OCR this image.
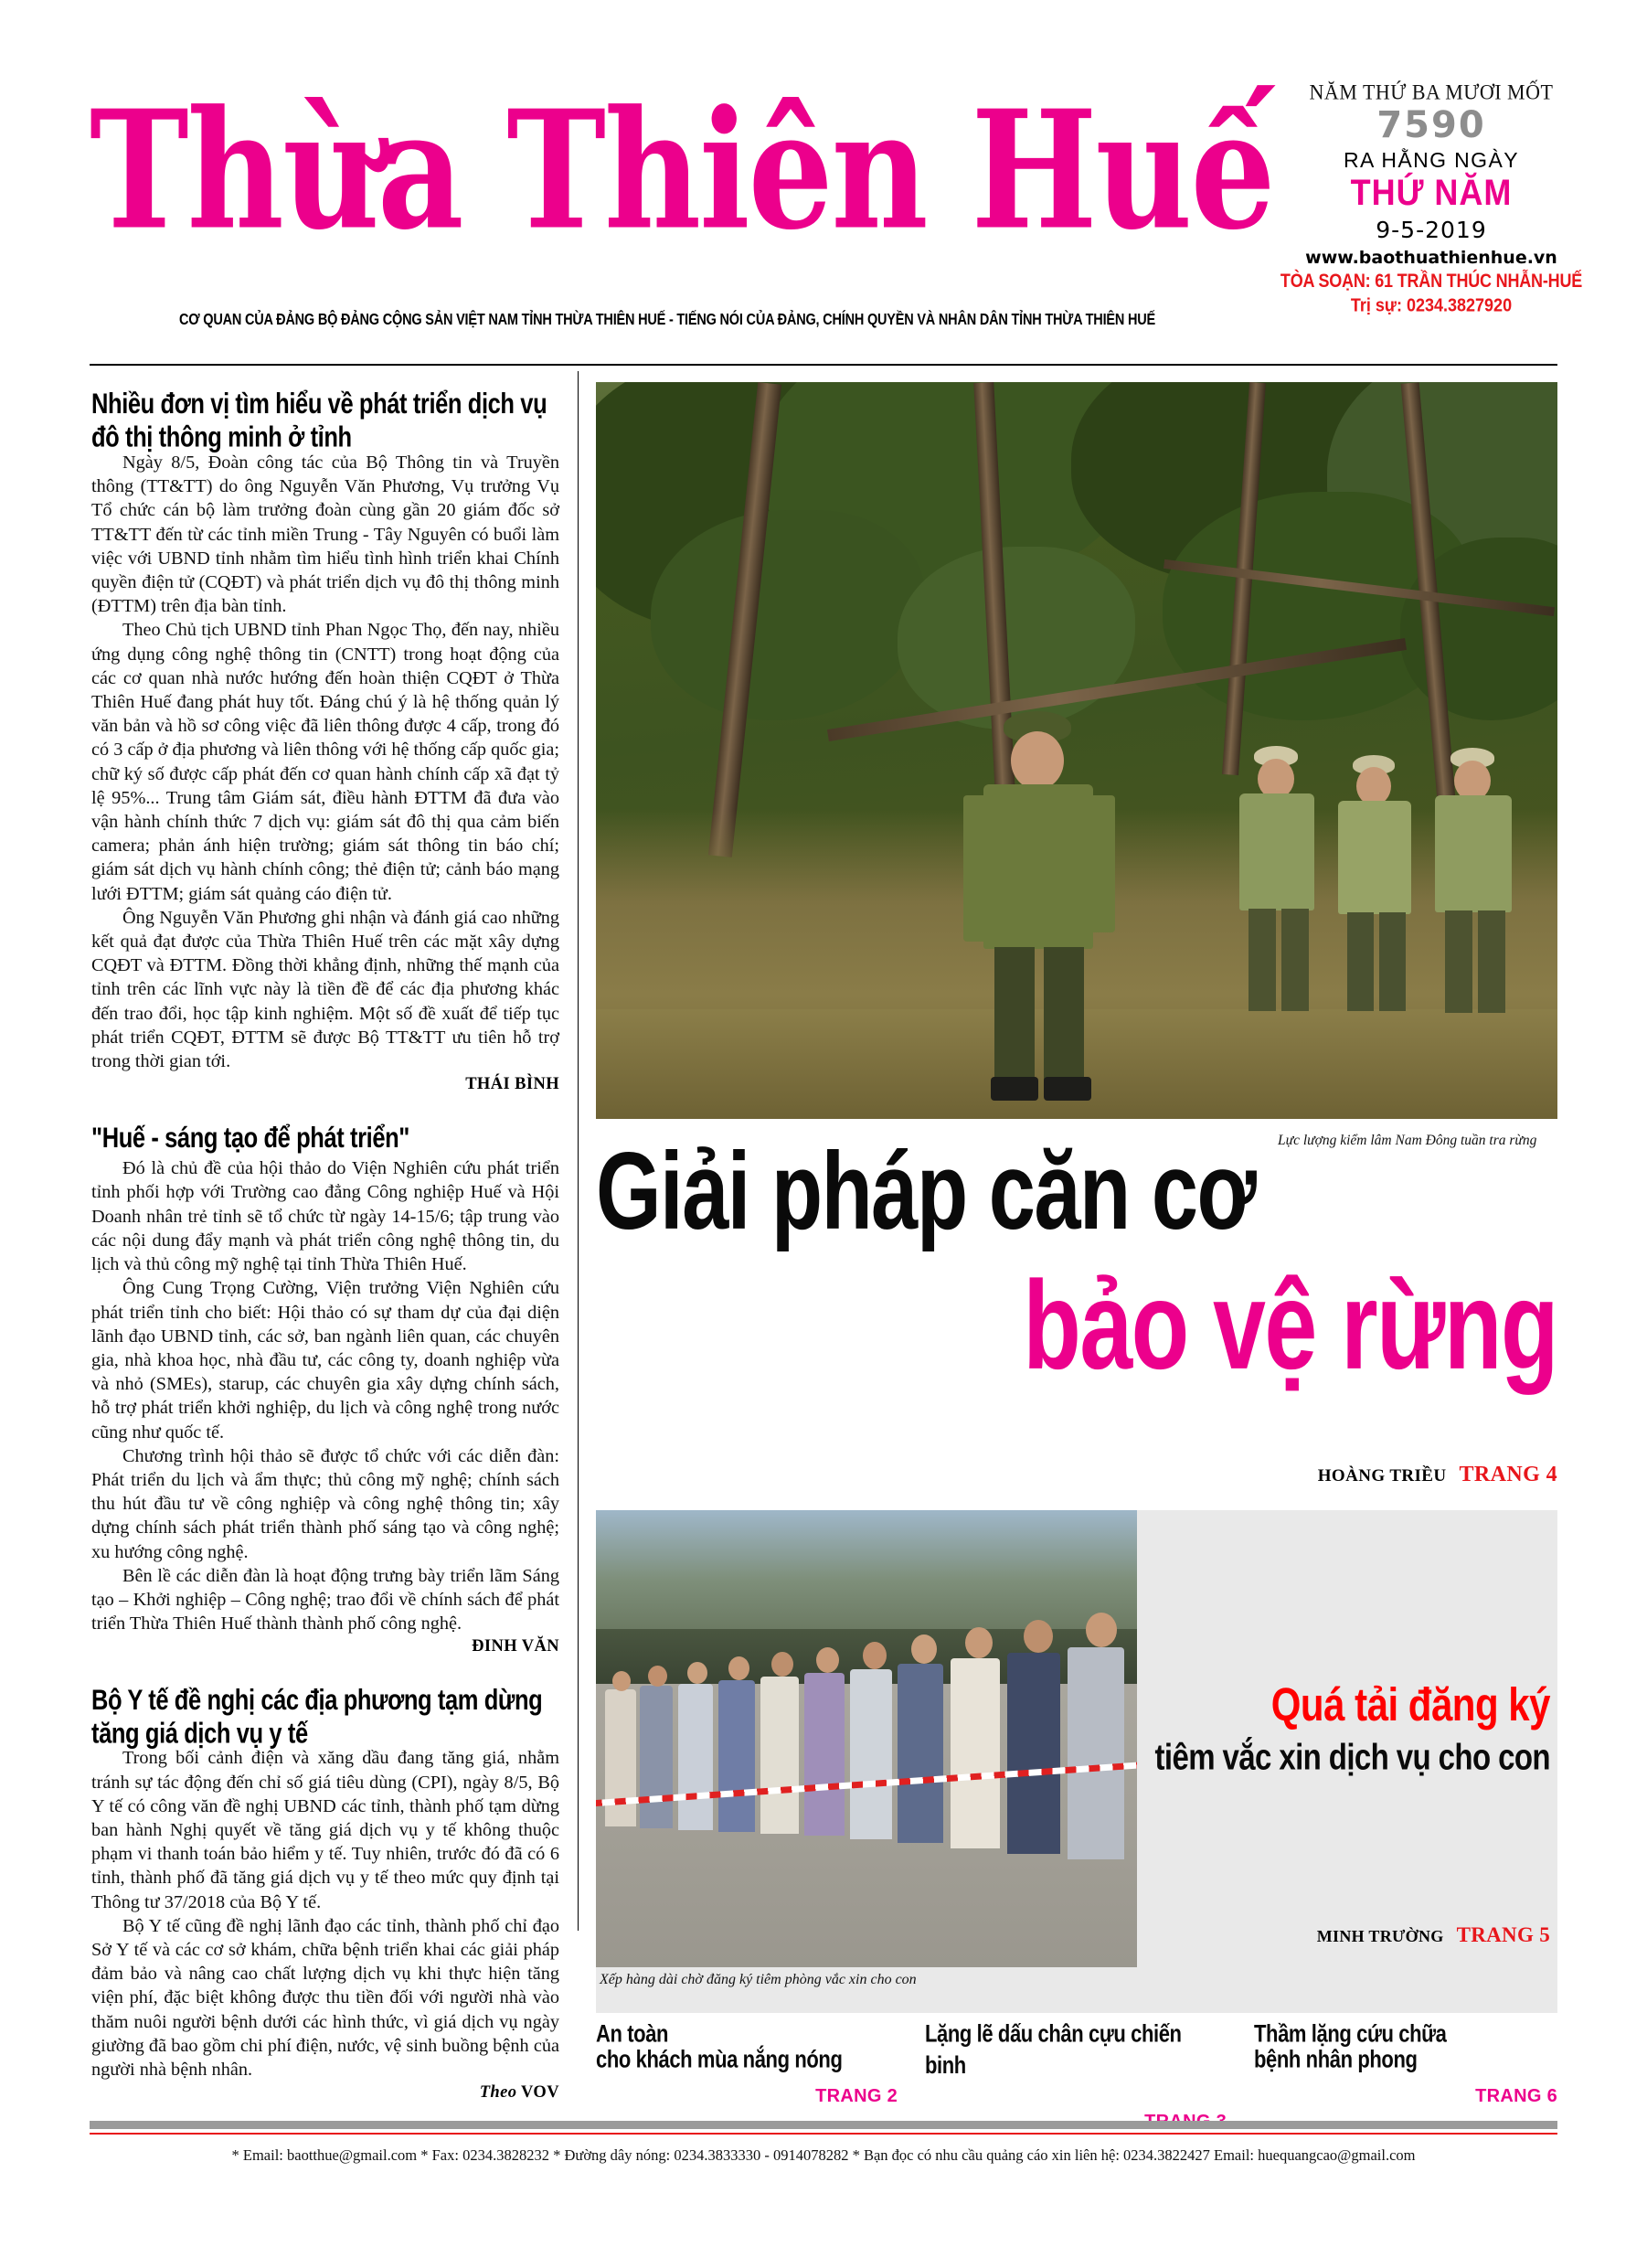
Thừa Thiên Huế
CƠ QUAN CỦA ĐẢNG BỘ ĐẢNG CỘNG SẢN VIỆT NAM TỈNH THỪA THIÊN HUẾ - TIẾNG NÓI CỦA ĐẢNG, CHÍNH QUYỀN VÀ NHÂN DÂN TỈNH THỪA THIÊN HUẾ
NĂM THỨ BA MƯƠI MỐT
7590
RA HẰNG NGÀY
THỨ NĂM
9-5-2019
www.baothuathienhue.vn
TÒA SOẠN: 61 TRẦN THÚC NHẪN-HUẾ
Trị sự: 0234.3827920
Nhiều đơn vị tìm hiểu về phát triển dịch vụ đô thị thông minh ở tỉnh

Ngày 8/5, Đoàn công tác của Bộ Thông tin và Truyền thông (TT&TT) do ông Nguyễn Văn Phương, Vụ trưởng Vụ Tổ chức cán bộ làm trưởng đoàn cùng gần 20 giám đốc sở TT&TT đến từ các tỉnh miền Trung - Tây Nguyên có buổi làm việc với UBND tỉnh nhằm tìm hiểu tình hình triển khai Chính quyền điện tử (CQĐT) và phát triển dịch vụ đô thị thông minh (ĐTTM) trên địa bàn tỉnh.

Theo Chủ tịch UBND tỉnh Phan Ngọc Thọ, đến nay, nhiều ứng dụng công nghệ thông tin (CNTT) trong hoạt động của các cơ quan nhà nước hướng đến hoàn thiện CQĐT ở Thừa Thiên Huế đang phát huy tốt. Đáng chú ý là hệ thống quản lý văn bản và hồ sơ công việc đã liên thông được 4 cấp, trong đó có 3 cấp ở địa phương và liên thông với hệ thống cấp quốc gia; chữ ký số được cấp phát đến cơ quan hành chính cấp xã đạt tỷ lệ 95%... Trung tâm Giám sát, điều hành ĐTTM đã đưa vào vận hành chính thức 7 dịch vụ: giám sát đô thị qua cảm biến camera; phản ánh hiện trường; giám sát thông tin báo chí; giám sát dịch vụ hành chính công; thẻ điện tử; cảnh báo mạng lưới ĐTTM; giám sát quảng cáo điện tử.

Ông Nguyễn Văn Phương ghi nhận và đánh giá cao những kết quả đạt được của Thừa Thiên Huế trên các mặt xây dựng CQĐT và ĐTTM. Đồng thời khẳng định, những thế mạnh của tỉnh trên các lĩnh vực này là tiền đề để các địa phương khác đến trao đổi, học tập kinh nghiệm. Một số đề xuất để tiếp tục phát triển CQĐT, ĐTTM sẽ được Bộ TT&TT ưu tiên hỗ trợ trong thời gian tới.

THÁI BÌNH
"Huế - sáng tạo để phát triển"

Đó là chủ đề của hội thảo do Viện Nghiên cứu phát triển tỉnh phối hợp với Trường cao đẳng Công nghiệp Huế và Hội Doanh nhân trẻ tỉnh sẽ tổ chức từ ngày 14-15/6; tập trung vào các nội dung đẩy mạnh và phát triển công nghệ thông tin, du lịch và thủ công mỹ nghệ tại tỉnh Thừa Thiên Huế.

Ông Cung Trọng Cường, Viện trưởng Viện Nghiên cứu phát triển tỉnh cho biết: Hội thảo có sự tham dự của đại diện lãnh đạo UBND tỉnh, các sở, ban ngành liên quan, các chuyên gia, nhà khoa học, nhà đầu tư, các công ty, doanh nghiệp vừa và nhỏ (SMEs), starup, các chuyên gia xây dựng chính sách, hỗ trợ phát triển khởi nghiệp, du lịch và công nghệ trong nước cũng như quốc tế.

Chương trình hội thảo sẽ được tổ chức với các diễn đàn: Phát triển du lịch và ẩm thực; thủ công mỹ nghệ; chính sách thu hút đầu tư về công nghiệp và công nghệ thông tin; xây dựng chính sách phát triển thành phố sáng tạo và công nghệ; xu hướng công nghệ.

Bên lề các diễn đàn là hoạt động trưng bày triển lãm Sáng tạo – Khởi nghiệp – Công nghệ; trao đổi về chính sách để phát triển Thừa Thiên Huế thành thành phố công nghệ.

ĐINH VĂN
Bộ Y tế đề nghị các địa phương tạm dừng tăng giá dịch vụ y tế

Trong bối cảnh điện và xăng dầu đang tăng giá, nhằm tránh sự tác động đến chỉ số giá tiêu dùng (CPI), ngày 8/5, Bộ Y tế có công văn đề nghị UBND các tỉnh, thành phố tạm dừng ban hành Nghị quyết về tăng giá dịch vụ y tế không thuộc phạm vi thanh toán bảo hiểm y tế. Tuy nhiên, trước đó đã có 6 tỉnh, thành phố đã tăng giá dịch vụ y tế theo mức quy định tại Thông tư 37/2018 của Bộ Y tế.

Bộ Y tế cũng đề nghị lãnh đạo các tỉnh, thành phố chỉ đạo Sở Y tế và các cơ sở khám, chữa bệnh triển khai các giải pháp đảm bảo và nâng cao chất lượng dịch vụ khi thực hiện tăng viện phí, đặc biệt không được thu tiền đối với người nhà vào thăm nuôi người bệnh dưới các hình thức, vì giá dịch vụ ngày giường đã bao gồm chi phí điện, nước, vệ sinh buồng bệnh của người nhà bệnh nhân.

Theo VOV
Lực lượng kiểm lâm Nam Đông tuần tra rừng
Giải pháp căn cơ
bảo vệ rừng
HOÀNG TRIỀU TRANG 4
Xếp hàng dài chờ đăng ký tiêm phòng vắc xin cho con
Quá tải đăng ký
tiêm vắc xin dịch vụ cho con
MINH TRƯỜNG TRANG 5
An toàn
cho khách mùa nắng nóng
TRANG 2
Lặng lẽ dấu chân cựu chiến binh
Thầm lặng cứu chữa
bệnh nhân phong
TRANG 6
* Email: baotthue@gmail.com * Fax: 0234.3828232 * Đường dây nóng: 0234.3833330 - 0914078282 * Bạn đọc có nhu cầu quảng cáo xin liên hệ: 0234.3822427 Email: huequangcao@gmail.com
